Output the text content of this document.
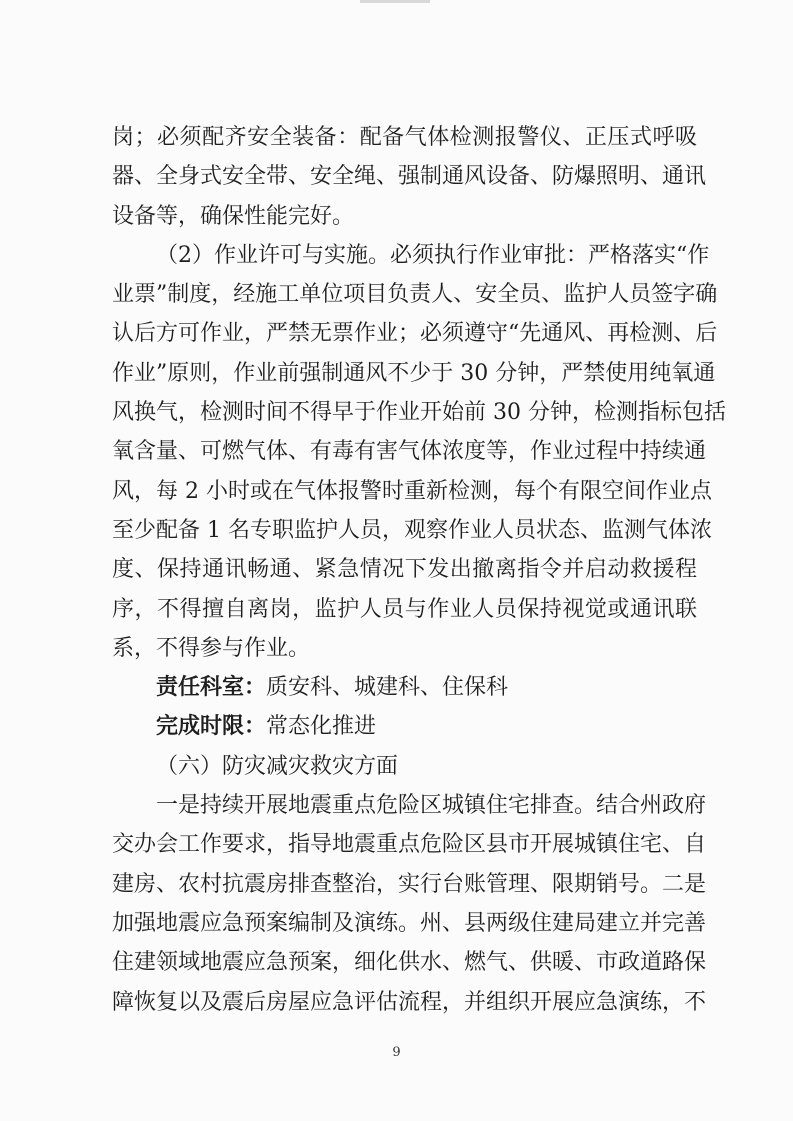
岗；必须配齐安全装备：配备气体检测报警仪、正压式呼吸
器、全身式安全带、安全绳、强制通风设备、防爆照明、通讯
设备等，确保性能完好。
（2）作业许可与实施。必须执行作业审批：严格落实“作
业票”制度，经施工单位项目负责人、安全员、监护人员签字确
认后方可作业，严禁无票作业；必须遵守“先通风、再检测、后
作业”原则，作业前强制通风不少于 30 分钟，严禁使用纯氧通
风换气，检测时间不得早于作业开始前 30 分钟，检测指标包括
氧含量、可燃气体、有毒有害气体浓度等，作业过程中持续通
风，每 2 小时或在气体报警时重新检测，每个有限空间作业点
至少配备 1 名专职监护人员，观察作业人员状态、监测气体浓
度、保持通讯畅通、紧急情况下发出撤离指令并启动救援程
序，不得擅自离岗，监护人员与作业人员保持视觉或通讯联
系，不得参与作业。
责任科室：质安科、城建科、住保科
完成时限：常态化推进
（六）防灾减灾救灾方面
一是持续开展地震重点危险区城镇住宅排查。结合州政府
交办会工作要求，指导地震重点危险区县市开展城镇住宅、自
建房、农村抗震房排查整治，实行台账管理、限期销号。二是
加强地震应急预案编制及演练。州、县两级住建局建立并完善
住建领域地震应急预案，细化供水、燃气、供暖、市政道路保
障恢复以及震后房屋应急评估流程，并组织开展应急演练，不
9
